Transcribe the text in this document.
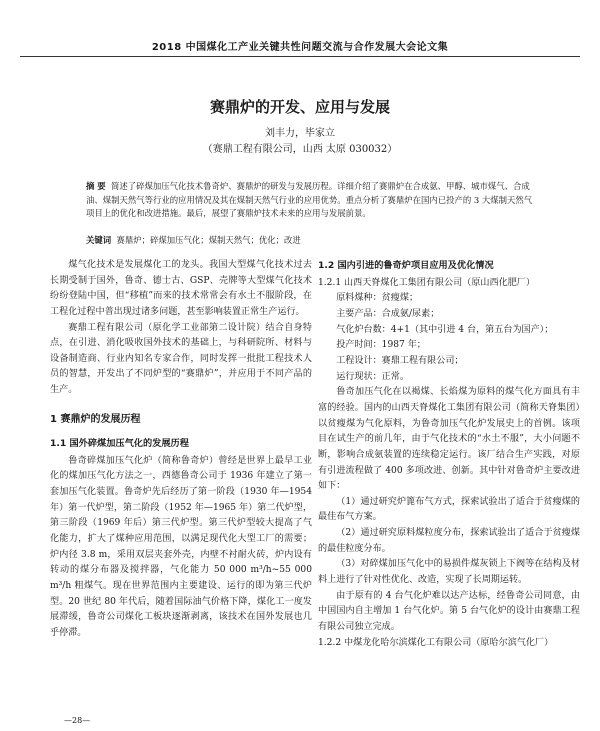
2018 中国煤化工产业关键共性问题交流与合作发展大会论文集
赛鼎炉的开发、应用与发展
刘丰力，毕家立
（赛鼎工程有限公司，山西 太原 030032）
摘 要 简述了碎煤加压气化技术鲁奇炉、赛鼎炉的研发与发展历程。详细介绍了赛鼎炉在合成氨、甲醇、城市煤气、合成油、煤制天然气等行业的应用情况及其在煤制天然气行业的应用优势。重点分析了赛鼎炉在国内已投产的 3 大煤制天然气项目上的优化和改进措施。最后，展望了赛鼎炉技术未来的应用与发展前景。
关键词 赛鼎炉；碎煤加压气化；煤制天然气；优化；改进

煤气化技术是发展煤化工的龙头。我国大型煤气化技术过去长期受制于国外，鲁奇、德士古、GSP、壳牌等大型煤气化技术纷纷登陆中国，但“移植”而来的技术常常会有水土不服阶段，在工程化过程中普出现过诸多问题，甚至影响装置正常生产运行。

赛鼎工程有限公司（原化学工业部第二设计院）结合自身特点，在引进、消化吸收国外技术的基础上，与科研院所、材料与设备制造商、行业内知名专家合作，同时发挥一批批工程技术人员的智慧，开发出了不同炉型的“赛鼎炉”，并应用于不同产品的生产。

1 赛鼎炉的发展历程
1.1 国外碎煤加压气化的发展历程

鲁奇碎煤加压气化炉（简称鲁奇炉）曾经是世界上最早工业化的煤加压气化方法之一，西德鲁奇公司于 1936 年建立了第一套加压气化装置。鲁奇炉先后经历了第一阶段（1930 年—1954 年）第一代炉型，第二阶段（1952 年—1965 年）第二代炉型，第三阶段（1969 年后）第三代炉型。第三代炉型较大提高了气化能力，扩大了煤种应用范围，以满足现代化大型工厂的需要；炉内径 3.8 m，采用双层夹套外壳，内壁不衬耐火砖，炉内设有转动的煤分布器及搅拌器，气化能力 50 000 m³/h~55 000 m³/h 粗煤气。现在世界范围内主要建设、运行的即为第三代炉型。20 世纪 80 年代后，随着国际油气价格下降，煤化工一度发展滞缓，鲁奇公司煤化工板块逐渐剥离，该技术在国外发展也几乎停滞。

1.2 国内引进的鲁奇炉项目应用及优化情况

1.2.1 山西天脊煤化工集团有限公司（原山西化肥厂）

原料煤种：贫瘦煤；

主要产品：合成氨/尿素；

气化炉台数：4+1（其中引进 4 台，第五台为国产）；

投产时间：1987 年；

工程设计：赛鼎工程有限公司；

运行现状：正常。

鲁奇加压气化在以褐煤、长焰煤为原料的煤气化方面具有丰富的经验。国内的山西天脊煤化工集团有限公司（简称天脊集团）以贫瘦煤为气化原料，为鲁奇加压气化炉发展史上的首例。该项目在试生产的前几年，由于气化技术的“水土不服”，大小问题不断，影响合成氨装置的连续稳定运行。该厂结合生产实践，对原有引进流程做了 400 多项改进、创新。其中针对鲁奇炉主要改进如下：

（1）通过研究炉篦布气方式，探索试验出了适合于贫瘦煤的最佳布气方案。

（2）通过研究原料煤粒度分布，探索试验出了适合于贫瘦煤的最佳粒度分布。

（3）对碎煤加压气化中的易损件煤灰锁上下阀等在结构及材料上进行了针对性优化、改造，实现了长周期运转。

由于原有的 4 台气化炉难以达产达标，经鲁奇公司同意，由中国国内自主增加 1 台气化炉。第 5 台气化炉的设计由赛鼎工程有限公司独立完成。

1.2.2 中煤龙化哈尔滨煤化工有限公司（原哈尔滨气化厂）

—28—
